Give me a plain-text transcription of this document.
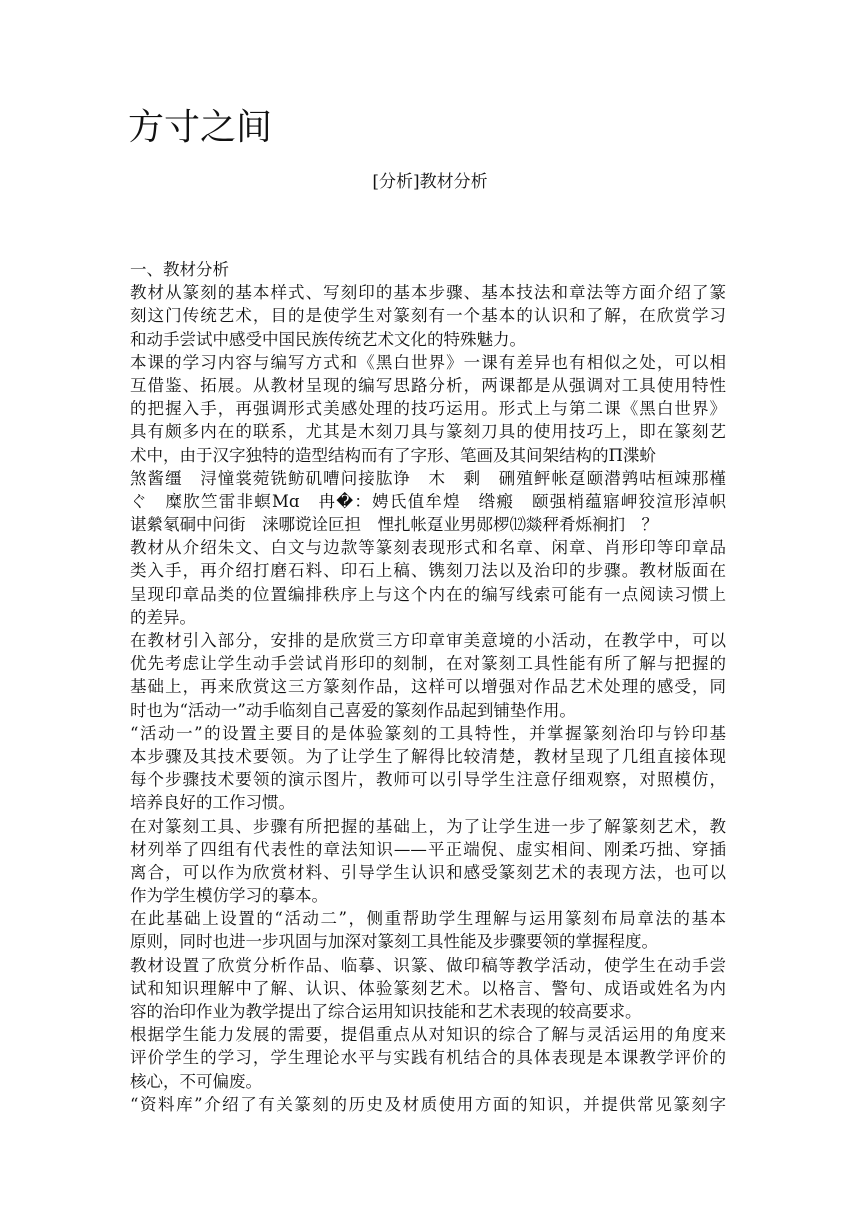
方寸之间
[分析]教材分析
一、教材分析
教材从篆刻的基本样式、写刻印的基本步骤、基本技法和章法等方面介绍了篆
刻这门传统艺术，目的是使学生对篆刻有一个基本的认识和了解，在欣赏学习
和动手尝试中感受中国民族传统艺术文化的特殊魅力。
本课的学习内容与编写方式和《黑白世界》一课有差异也有相似之处，可以相
互借鉴、拓展。从教材呈现的编写思路分析，两课都是从强调对工具使用特性
的把握入手，再强调形式美感处理的技巧运用。形式上与第二课《黑白世界》
具有颇多内在的联系，尤其是木刻刀具与篆刻刀具的使用技巧上，即在篆刻艺
术中，由于汉字独特的造型结构而有了字形、笔画及其间架结构的Π渫蚧
煞酱缰　浔憧裳菀铣鲂矶嘈问接肱诤　木　剩　硎殖鲆帐趸颐潜鹑咕桓竦那槿
ぐ　糜肷竺雷非螟Mɑ　冉�：娉氏值牟煌　绺瘢　颐强梢蕴寤岬狡渲形淖帜
谌縈氡硐中问街　涞哪谠诠叵担　悝扎帐趸业男郧椤⑿燚秤肴烁裥扪　？
教材从介绍朱文、白文与边款等篆刻表现形式和名章、闲章、肖形印等印章品
类入手，再介绍打磨石料、印石上稿、镌刻刀法以及治印的步骤。教材版面在
呈现印章品类的位置编排秩序上与这个内在的编写线索可能有一点阅读习惯上
的差异。
在教材引入部分，安排的是欣赏三方印章审美意境的小活动，在教学中，可以
优先考虑让学生动手尝试肖形印的刻制，在对篆刻工具性能有所了解与把握的
基础上，再来欣赏这三方篆刻作品，这样可以增强对作品艺术处理的感受，同
时也为“活动一”动手临刻自己喜爱的篆刻作品起到铺垫作用。
“活动一”的设置主要目的是体验篆刻的工具特性，并掌握篆刻治印与钤印基
本步骤及其技术要领。为了让学生了解得比较清楚，教材呈现了几组直接体现
每个步骤技术要领的演示图片，教师可以引导学生注意仔细观察，对照模仿，
培养良好的工作习惯。
在对篆刻工具、步骤有所把握的基础上，为了让学生进一步了解篆刻艺术，教
材列举了四组有代表性的章法知识——平正端倪、虚实相间、刚柔巧拙、穿插
离合，可以作为欣赏材料、引导学生认识和感受篆刻艺术的表现方法，也可以
作为学生模仿学习的摹本。
在此基础上设置的“活动二”，侧重帮助学生理解与运用篆刻布局章法的基本
原则，同时也进一步巩固与加深对篆刻工具性能及步骤要领的掌握程度。
教材设置了欣赏分析作品、临摹、识篆、做印稿等教学活动，使学生在动手尝
试和知识理解中了解、认识、体验篆刻艺术。以格言、警句、成语或姓名为内
容的治印作业为教学提出了综合运用知识技能和艺术表现的较高要求。
根据学生能力发展的需要，提倡重点从对知识的综合了解与灵活运用的角度来
评价学生的学习，学生理论水平与实践有机结合的具体表现是本课教学评价的
核心，不可偏废。
“资料库”介绍了有关篆刻的历史及材质使用方面的知识，并提供常见篆刻字
